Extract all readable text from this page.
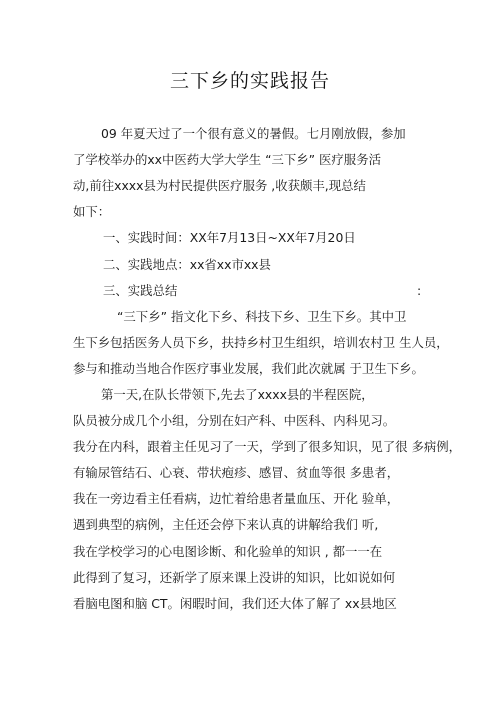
三下乡的实践报告
09 年夏天过了一个很有意义的暑假。七月刚放假，参加
了学校举办的xx中医药大学大学生 “三下乡” 医疗服务活
动,前往xxxx县为村民提供医疗服务 ,收获颇丰,现总结
如下：
一、实践时间：XX年7月13日~XX年7月20日
二、实践地点：xx省xx市xx县
三、实践总结	:
“三下乡” 指文化下乡、科技下乡、卫生下乡。其中卫
生下乡包括医务人员下乡，扶持乡村卫生组织，培训农村卫 生人员，
参与和推动当地合作医疗事业发展，我们此次就属 于卫生下乡。
第一天,在队长带领下,先去了xxxx县的半程医院，
队员被分成几个小组，分别在妇产科、中医科、内科见习。
我分在内科，跟着主任见习了一天，学到了很多知识，见了很 多病例，
有输尿管结石、心衰、带状疱疹、感冒、贫血等很 多患者，
我在一旁边看主任看病，边忙着给患者量血压、开化 验单，
遇到典型的病例，主任还会停下来认真的讲解给我们 听,
我在学校学习的心电图诊断、和化验单的知识 , 都一一在
此得到了复习，还新学了原来课上没讲的知识，比如说如何
看脑电图和脑 CT。闲暇时间，我们还大体了解了 xx县地区
